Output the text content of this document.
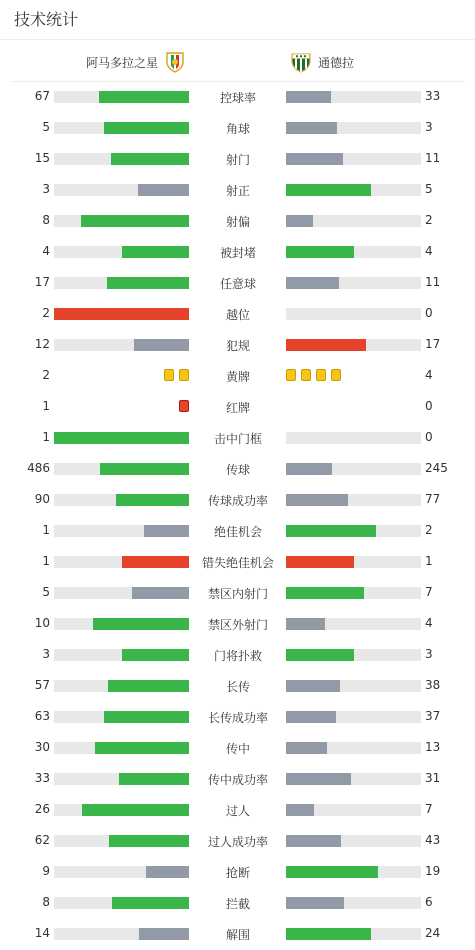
技术统计
阿马多拉之星	通德拉
67	控球率	33
5	角球	3
15	射门	11
3	射正	5
8	射偏	2
4	被封堵	4
17	任意球	11
2	越位	0
12	犯规	17
2	黄牌	4
1	红牌	0
1	击中门框	0
486	传球	245
90	传球成功率	77
1	绝佳机会	2
1	错失绝佳机会	1
5	禁区内射门	7
10	禁区外射门	4
3	门将扑救	3
57	长传	38
63	长传成功率	37
30	传中	13
33	传中成功率	31
26	过人	7
62	过人成功率	43
9	抢断	19
8	拦截	6
14	解围	24
